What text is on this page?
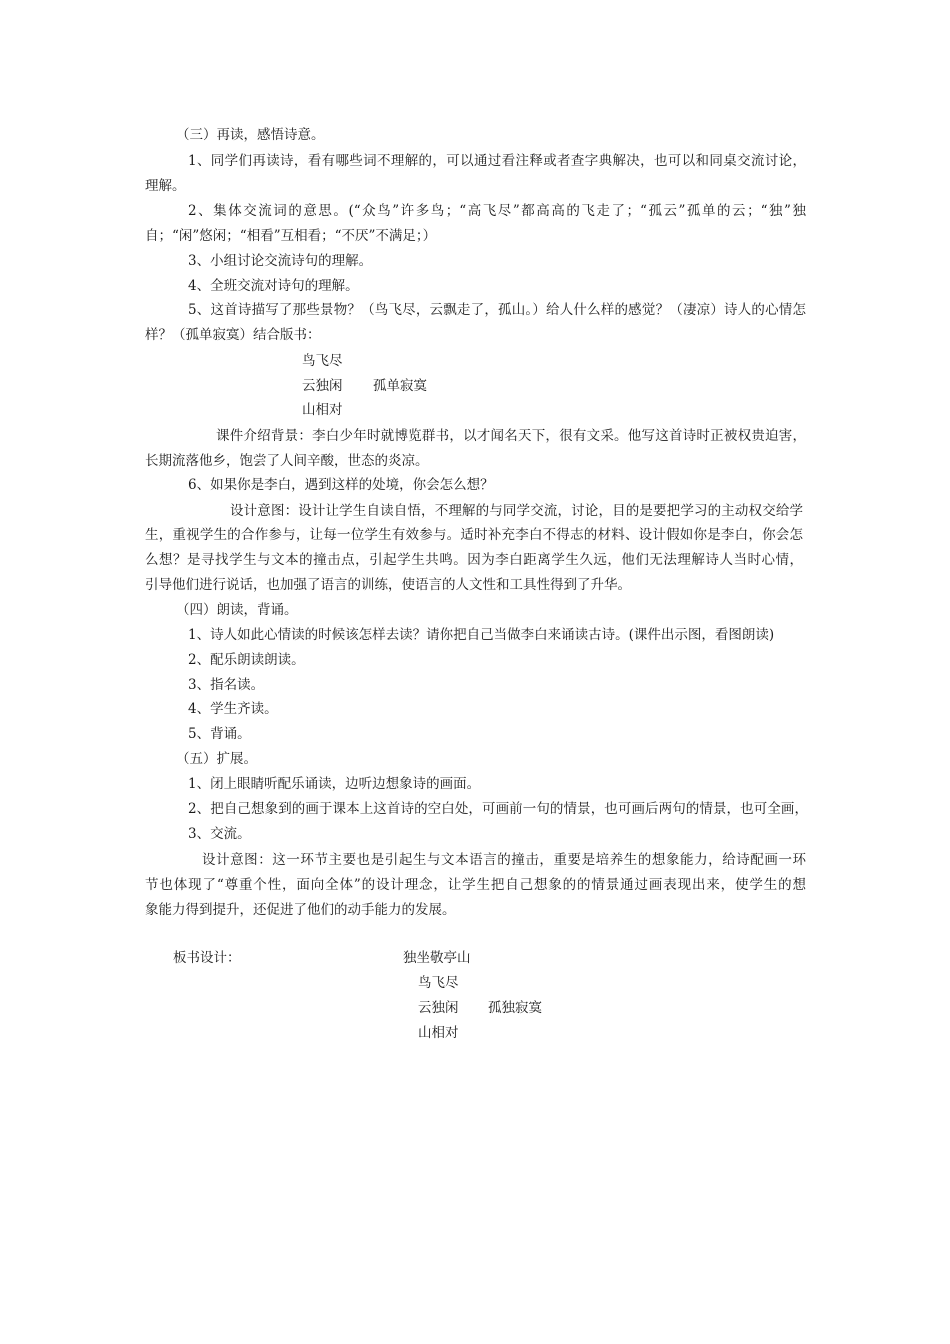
（三）再读，感悟诗意。
1、同学们再读诗，看有哪些词不理解的，可以通过看注释或者查字典解决，也可以和同桌交流讨论，
理解。
2、集体交流词的意思。(“众鸟”许多鸟；“高飞尽”都高高的飞走了；“孤云”孤单的云；“独”独
自；“闲”悠闲；“相看”互相看；“不厌”不满足；）
3、小组讨论交流诗句的理解。
4、全班交流对诗句的理解。
5、这首诗描写了那些景物？（鸟飞尽，云飘走了，孤山。）给人什么样的感觉？（凄凉）诗人的心情怎
样？（孤单寂寞）结合版书：
鸟飞尽
云独闲 孤单寂寞
山相对
课件介绍背景：李白少年时就博览群书，以才闻名天下，很有文采。他写这首诗时正被权贵迫害，
长期流落他乡，饱尝了人间辛酸，世态的炎凉。
6、如果你是李白，遇到这样的处境，你会怎么想？
设计意图：设计让学生自读自悟，不理解的与同学交流，讨论，目的是要把学习的主动权交给学
生，重视学生的合作参与，让每一位学生有效参与。适时补充李白不得志的材料、设计假如你是李白，你会怎
么想？是寻找学生与文本的撞击点，引起学生共鸣。因为李白距离学生久远，他们无法理解诗人当时心情，
引导他们进行说话，也加强了语言的训练，使语言的人文性和工具性得到了升华。
（四）朗读，背诵。
1、诗人如此心情读的时候该怎样去读？请你把自己当做李白来诵读古诗。(课件出示图，看图朗读)
2、配乐朗读朗读。
3、指名读。
4、学生齐读。
5、背诵。
（五）扩展。
1、闭上眼睛听配乐诵读，边听边想象诗的画面。
2、把自己想象到的画于课本上这首诗的空白处，可画前一句的情景，也可画后两句的情景，也可全画，
3、交流。
设计意图：这一环节主要也是引起生与文本语言的撞击，重要是培养生的想象能力，给诗配画一环
节也体现了“尊重个性，面向全体”的设计理念，让学生把自己想象的的情景通过画表现出来，使学生的想
象能力得到提升，还促进了他们的动手能力的发展。
板书设计：	独坐敬亭山
鸟飞尽
云独闲 孤独寂寞
山相对
